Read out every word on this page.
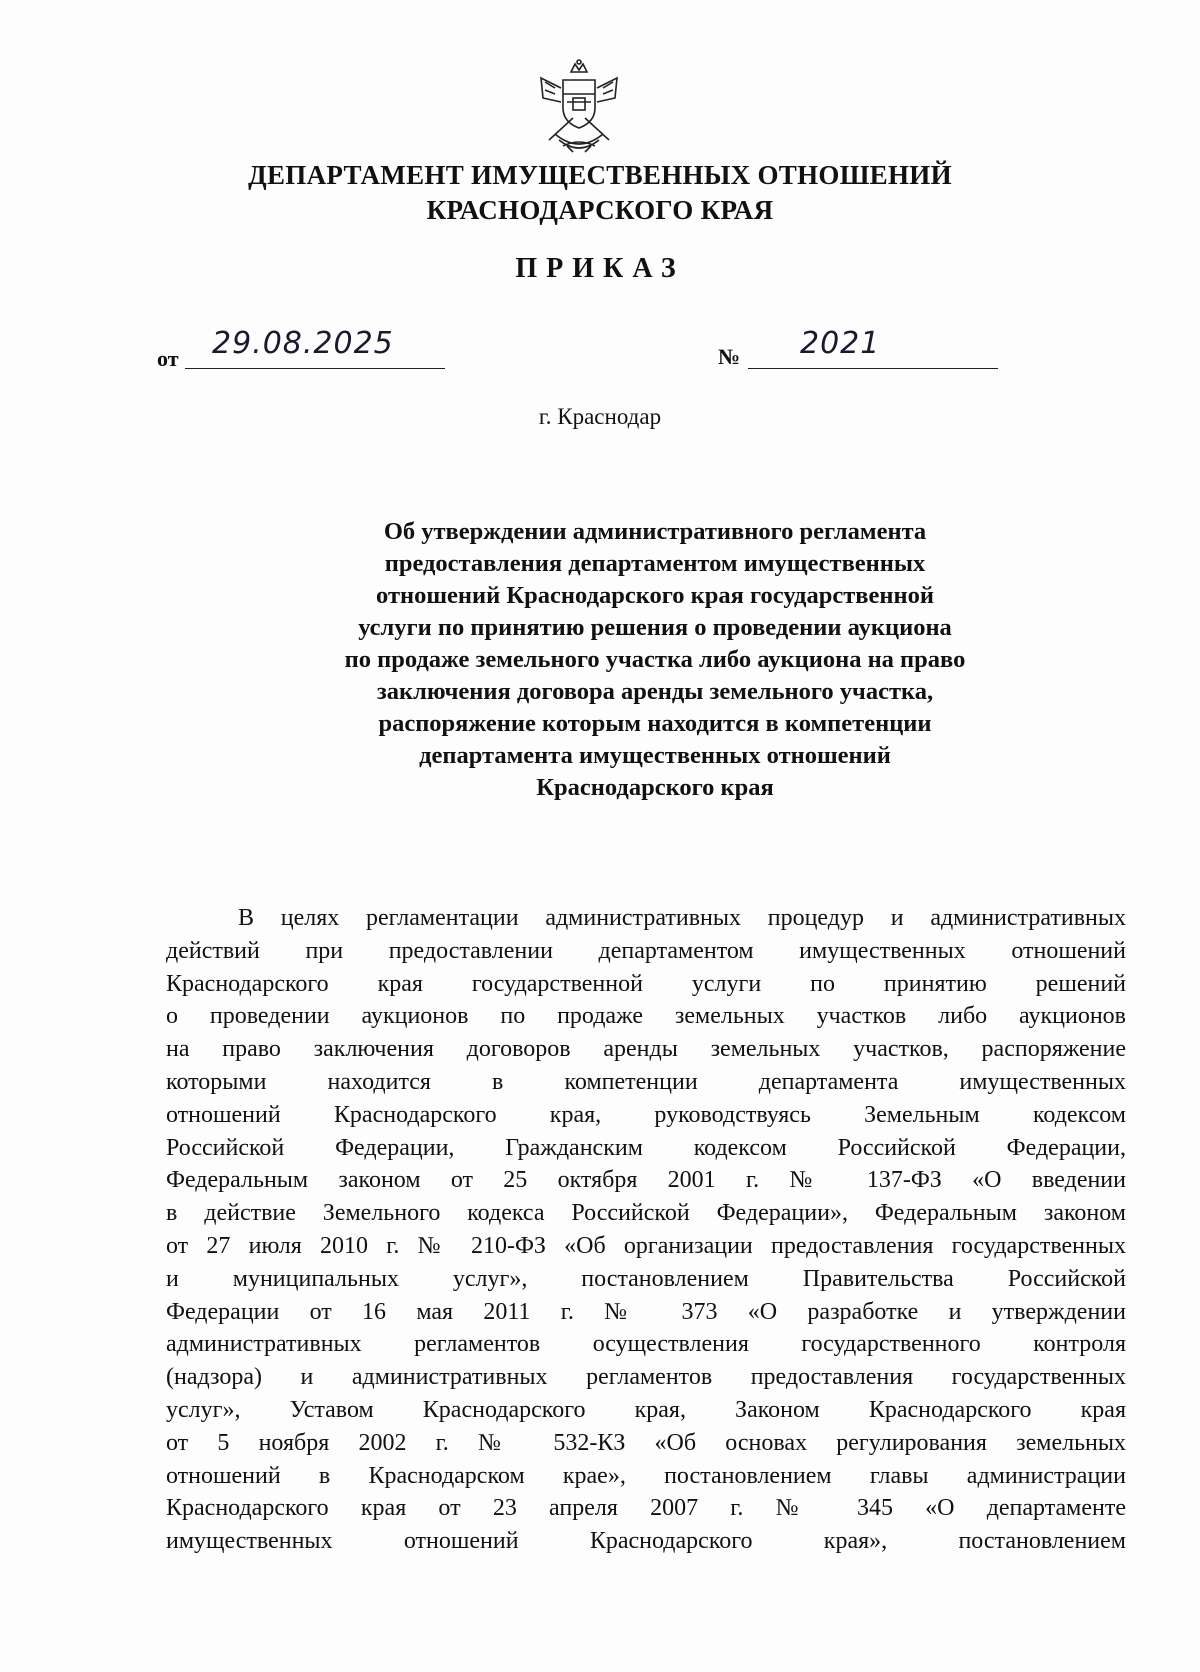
ДЕПАРТАМЕНТ ИМУЩЕСТВЕННЫХ ОТНОШЕНИЙ
КРАСНОДАРСКОГО КРАЯ
ПРИКАЗ
от 29.08.2025	№ 2021
г. Краснодар
Об утверждении административного регламента
предоставления департаментом имущественных
отношений Краснодарского края государственной
услуги по принятию решения о проведении аукциона
по продаже земельного участка либо аукциона на право
заключения договора аренды земельного участка,
распоряжение которым находится в компетенции
департамента имущественных отношений
Краснодарского края
В целях регламентации административных процедур и административных
действий при предоставлении департаментом имущественных отношений
Краснодарского края государственной услуги по принятию решений
о проведении аукционов по продаже земельных участков либо аукционов
на право заключения договоров аренды земельных участков, распоряжение
которыми находится в компетенции департамента имущественных
отношений Краснодарского края, руководствуясь Земельным кодексом
Российской Федерации, Гражданским кодексом Российской Федерации,
Федеральным законом от 25 октября 2001 г. № 137-ФЗ «О введении
в действие Земельного кодекса Российской Федерации», Федеральным законом
от 27 июля 2010 г. № 210-ФЗ «Об организации предоставления государственных
и муниципальных услуг», постановлением Правительства Российской
Федерации от 16 мая 2011 г. № 373 «О разработке и утверждении
административных регламентов осуществления государственного контроля
(надзора) и административных регламентов предоставления государственных
услуг», Уставом Краснодарского края, Законом Краснодарского края
от 5 ноября 2002 г. № 532-КЗ «Об основах регулирования земельных
отношений в Краснодарском крае», постановлением главы администрации
Краснодарского края от 23 апреля 2007 г. № 345 «О департаменте
имущественных отношений Краснодарского края», постановлением
